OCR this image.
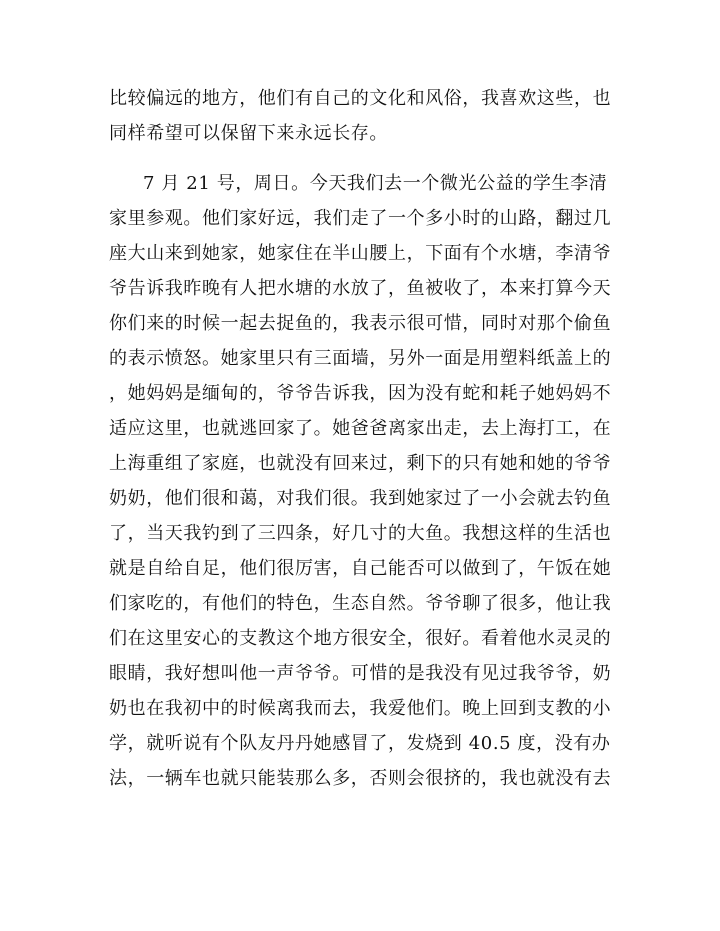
比较偏远的地方，他们有自己的文化和风俗，我喜欢这些，也
同样希望可以保留下来永远长存。
7 月 21 号，周日。今天我们去一个微光公益的学生李清
家里参观。他们家好远，我们走了一个多小时的山路，翻过几
座大山来到她家，她家住在半山腰上，下面有个水塘，李清爷
爷告诉我昨晚有人把水塘的水放了，鱼被收了，本来打算今天
你们来的时候一起去捉鱼的，我表示很可惜，同时对那个偷鱼
的表示愤怒。她家里只有三面墙，另外一面是用塑料纸盖上的
，她妈妈是缅甸的，爷爷告诉我，因为没有蛇和耗子她妈妈不
适应这里，也就逃回家了。她爸爸离家出走，去上海打工，在
上海重组了家庭，也就没有回来过，剩下的只有她和她的爷爷
奶奶，他们很和蔼，对我们很。我到她家过了一小会就去钓鱼
了，当天我钓到了三四条，好几寸的大鱼。我想这样的生活也
就是自给自足，他们很厉害，自己能否可以做到了，午饭在她
们家吃的，有他们的特色，生态自然。爷爷聊了很多，他让我
们在这里安心的支教这个地方很安全，很好。看着他水灵灵的
眼睛，我好想叫他一声爷爷。可惜的是我没有见过我爷爷，奶
奶也在我初中的时候离我而去，我爱他们。晚上回到支教的小
学，就听说有个队友丹丹她感冒了，发烧到 40.5 度，没有办
法，一辆车也就只能装那么多，否则会很挤的，我也就没有去
